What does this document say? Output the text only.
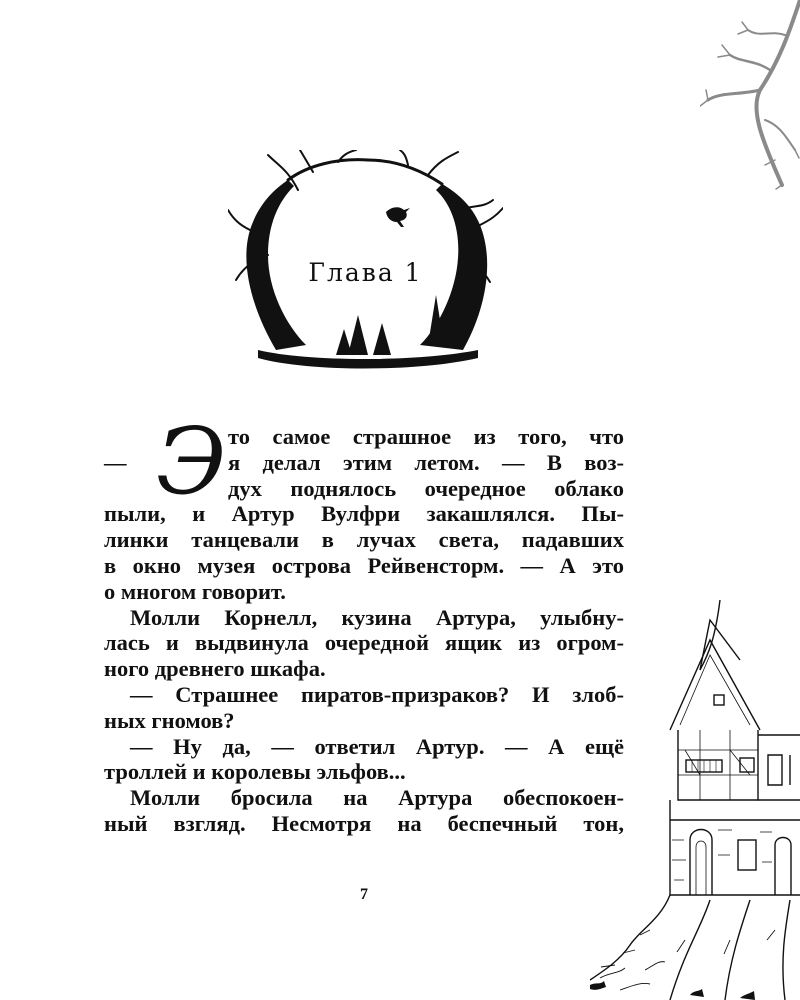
Глава 1
— Э то самое страшное из того, что
я делал этим летом. — В воз-
дух поднялось очередное облако
пыли, и Артур Вулфри закашлялся. Пы-
линки танцевали в лучах света, падавших
в окно музея острова Рейвенсторм. — А это
о многом говорит.
Молли Корнелл, кузина Артура, улыбну-
лась и выдвинула очередной ящик из огром-
ного древнего шкафа.
— Страшнее пиратов-призраков? И злоб-
ных гномов?
— Ну да, — ответил Артур. — А ещё
троллей и королевы эльфов...
Молли бросила на Артура обеспокоен-
ный взгляд. Несмотря на беспечный тон,
7
